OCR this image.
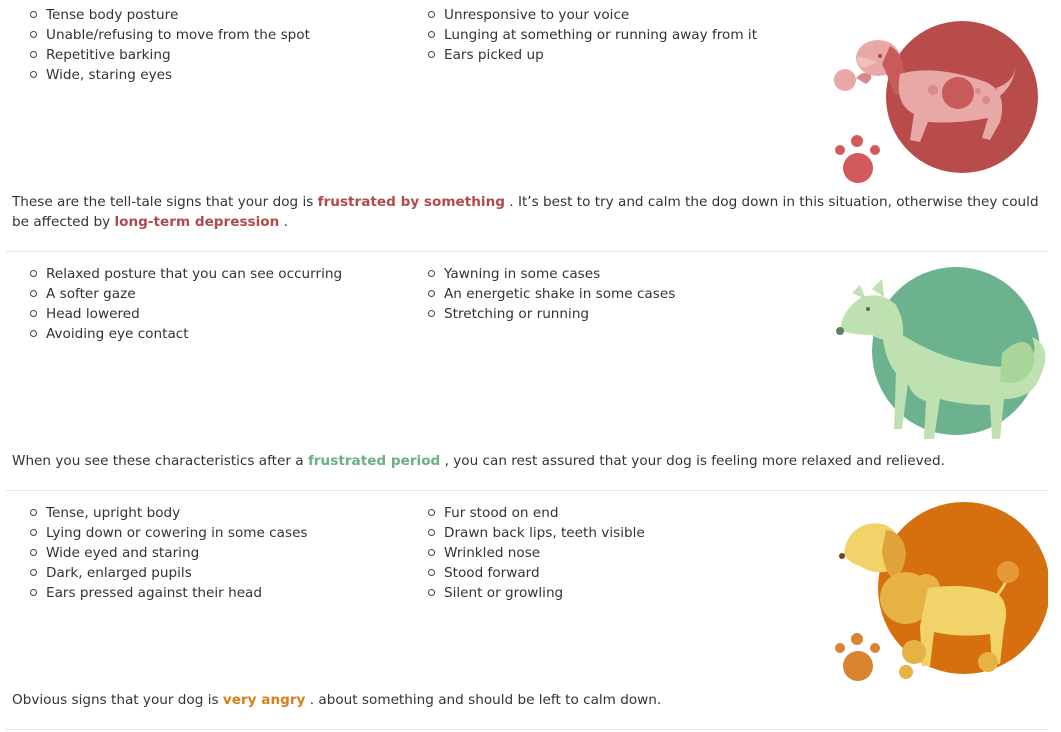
Tense body posture
Unable/refusing to move from the spot
Repetitive barking
Wide, staring eyes
Unresponsive to your voice
Lunging at something or running away from it
Ears picked up
These are the tell-tale signs that your dog is frustrated by something . It’s best to try and calm the dog down in this situation, otherwise they could be affected by long-term depression .
Relaxed posture that you can see occurring
A softer gaze
Head lowered
Avoiding eye contact
Yawning in some cases
An energetic shake in some cases
Stretching or running
When you see these characteristics after a frustrated period , you can rest assured that your dog is feeling more relaxed and relieved.
Tense, upright body
Lying down or cowering in some cases
Wide eyed and staring
Dark, enlarged pupils
Ears pressed against their head
Fur stood on end
Drawn back lips, teeth visible
Wrinkled nose
Stood forward
Silent or growling
Obvious signs that your dog is very angry . about something and should be left to calm down.
